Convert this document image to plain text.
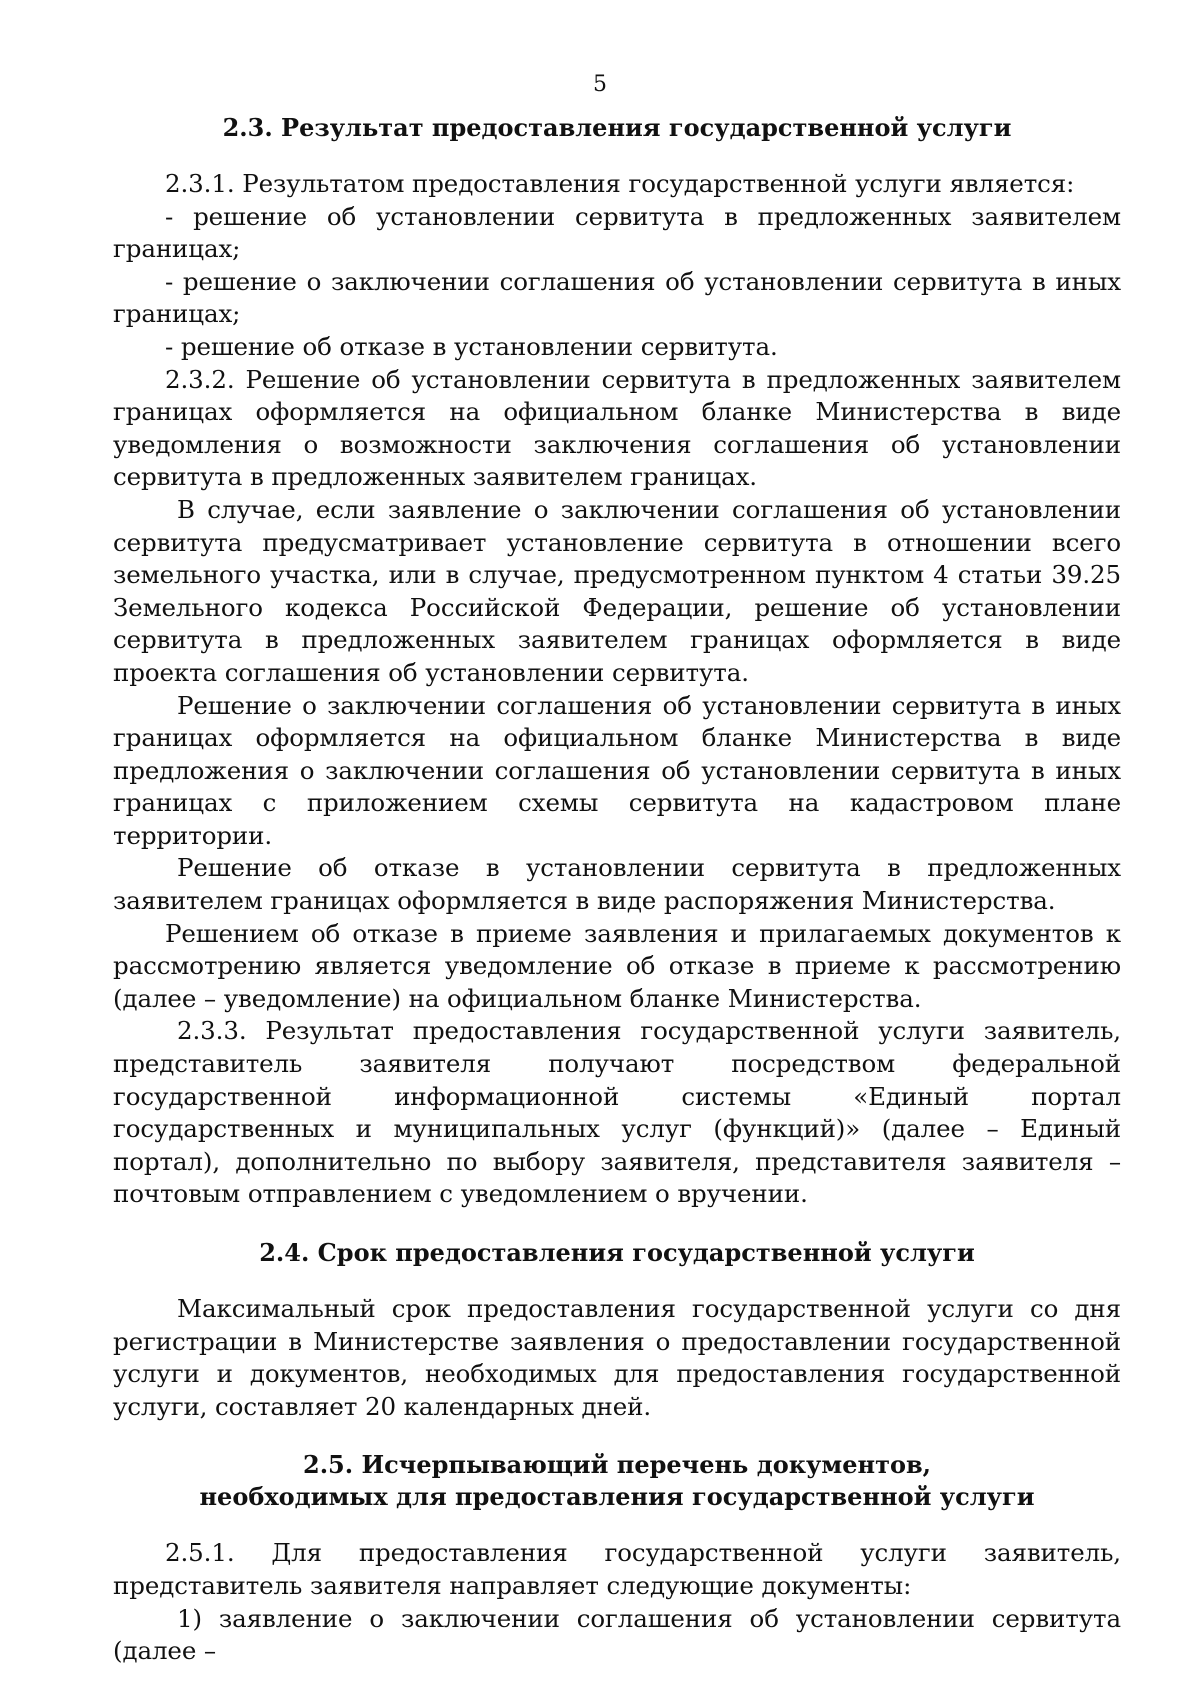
5
2.3. Результат предоставления государственной услуги

2.3.1. Результатом предоставления государственной услуги является:

- решение об установлении сервитута в предложенных заявителем границах;

- решение о заключении соглашения об установлении сервитута в иных границах;

- решение об отказе в установлении сервитута.

2.3.2. Решение об установлении сервитута в предложенных заявителем границах оформляется на официальном бланке Министерства в виде уведомления о возможности заключения соглашения об установлении сервитута в предложенных заявителем границах.

В случае, если заявление о заключении соглашения об установлении сервитута предусматривает установление сервитута в отношении всего земельного участка, или в случае, предусмотренном пунктом 4 статьи 39.25 Земельного кодекса Российской Федерации, решение об установлении сервитута в предложенных заявителем границах оформляется в виде проекта соглашения об установлении сервитута.

Решение о заключении соглашения об установлении сервитута в иных границах оформляется на официальном бланке Министерства в виде предложения о заключении соглашения об установлении сервитута в иных границах с приложением схемы сервитута на кадастровом плане территории.

Решение об отказе в установлении сервитута в предложенных заявителем границах оформляется в виде распоряжения Министерства.

Решением об отказе в приеме заявления и прилагаемых документов к рассмотрению является уведомление об отказе в приеме к рассмотрению (далее – уведомление) на официальном бланке Министерства.

2.3.3. Результат предоставления государственной услуги заявитель, представитель заявителя получают посредством федеральной государственной информационной системы «Единый портал государственных и муниципальных услуг (функций)» (далее – Единый портал), дополнительно по выбору заявителя, представителя заявителя – почтовым отправлением с уведомлением о вручении.

2.4. Срок предоставления государственной услуги

Максимальный срок предоставления государственной услуги со дня регистрации в Министерстве заявления о предоставлении государственной услуги и документов, необходимых для предоставления государственной услуги, составляет 20 календарных дней.

2.5. Исчерпывающий перечень документов,
необходимых для предоставления государственной услуги

2.5.1. Для предоставления государственной услуги заявитель, представитель заявителя направляет следующие документы:

1) заявление о заключении соглашения об установлении сервитута (далее –
